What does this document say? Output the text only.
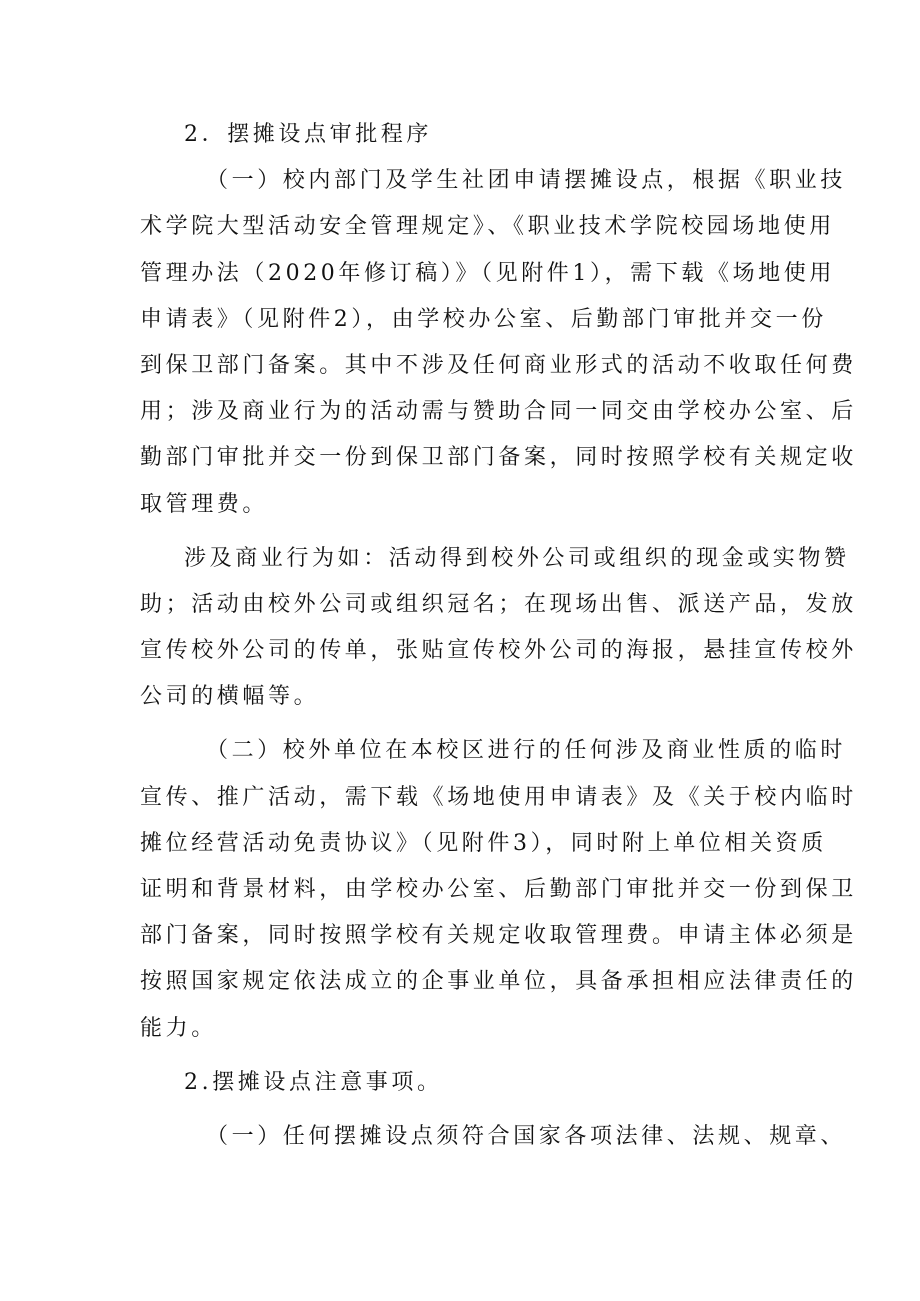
2．摆摊设点审批程序
（一）校内部门及学生社团申请摆摊设点，根据《职业技
术学院大型活动安全管理规定》、《职业技术学院校园场地使用
管理办法（2020年修订稿）》（见附件1），需下载《场地使用
申请表》（见附件2），由学校办公室、后勤部门审批并交一份
到保卫部门备案。其中不涉及任何商业形式的活动不收取任何费
用；涉及商业行为的活动需与赞助合同一同交由学校办公室、后
勤部门审批并交一份到保卫部门备案，同时按照学校有关规定收
取管理费。
涉及商业行为如：活动得到校外公司或组织的现金或实物赞
助；活动由校外公司或组织冠名；在现场出售、派送产品，发放
宣传校外公司的传单，张贴宣传校外公司的海报，悬挂宣传校外
公司的横幅等。
（二）校外单位在本校区进行的任何涉及商业性质的临时
宣传、推广活动，需下载《场地使用申请表》及《关于校内临时
摊位经营活动免责协议》（见附件3），同时附上单位相关资质
证明和背景材料，由学校办公室、后勤部门审批并交一份到保卫
部门备案，同时按照学校有关规定收取管理费。申请主体必须是
按照国家规定依法成立的企事业单位，具备承担相应法律责任的
能力。
2.摆摊设点注意事项。
（一）任何摆摊设点须符合国家各项法律、法规、规章、
